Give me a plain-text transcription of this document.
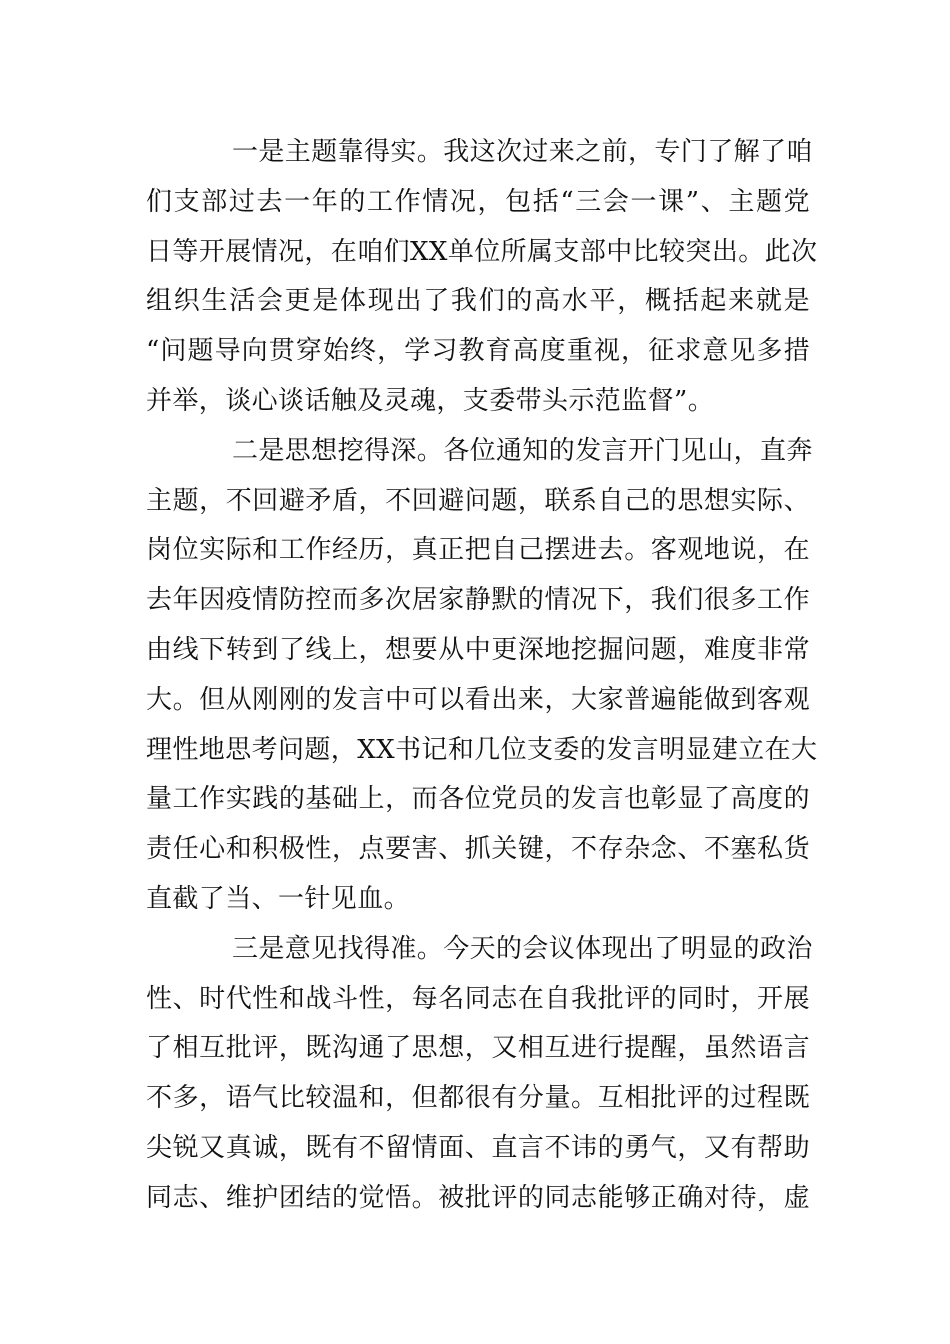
一是主题靠得实。我这次过来之前，专门了解了咱
们支部过去一年的工作情况，包括“三会一课”、主题党
日等开展情况，在咱们XX单位所属支部中比较突出。此次
组织生活会更是体现出了我们的高水平，概括起来就是
“问题导向贯穿始终，学习教育高度重视，征求意见多措
并举，谈心谈话触及灵魂，支委带头示范监督”。
二是思想挖得深。各位通知的发言开门见山，直奔
主题，不回避矛盾，不回避问题，联系自己的思想实际、
岗位实际和工作经历，真正把自己摆进去。客观地说，在
去年因疫情防控而多次居家静默的情况下，我们很多工作
由线下转到了线上，想要从中更深地挖掘问题，难度非常
大。但从刚刚的发言中可以看出来，大家普遍能做到客观
理性地思考问题，XX书记和几位支委的发言明显建立在大
量工作实践的基础上，而各位党员的发言也彰显了高度的
责任心和积极性，点要害、抓关键，不存杂念、不塞私货
直截了当、一针见血。
三是意见找得准。今天的会议体现出了明显的政治
性、时代性和战斗性，每名同志在自我批评的同时，开展
了相互批评，既沟通了思想，又相互进行提醒，虽然语言
不多，语气比较温和，但都很有分量。互相批评的过程既
尖锐又真诚，既有不留情面、直言不讳的勇气，又有帮助
同志、维护团结的觉悟。被批评的同志能够正确对待，虚
